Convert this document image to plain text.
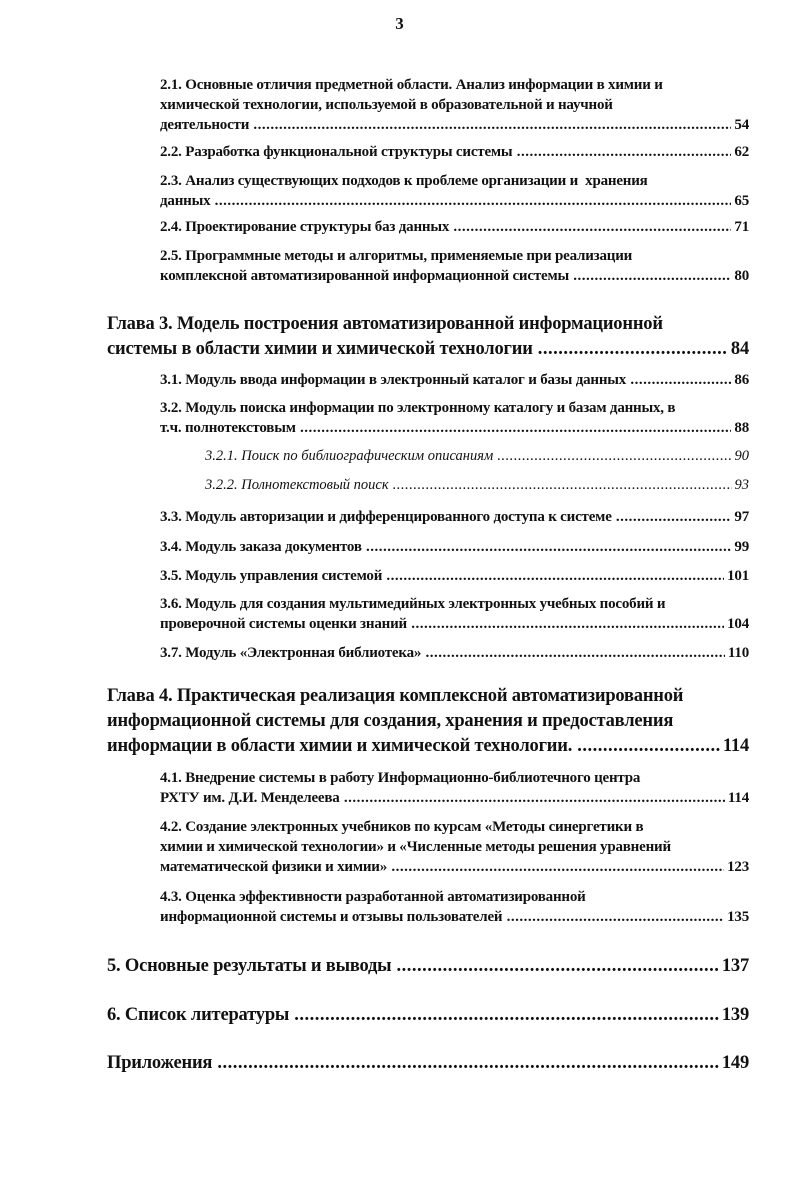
3
2.1. Основные отличия предметной области. Анализ информации в химии и
химической технологии, используемой в образовательной и научной
деятельности .....	54
2.2. Разработка функциональной структуры системы .....	62
2.3. Анализ существующих подходов к проблеме организации и  хранения
данных .....	65
2.4. Проектирование структуры баз данных .....	71
2.5. Программные методы и алгоритмы, применяемые при реализации
комплексной автоматизированной информационной системы .....	80
Глава 3. Модель построения автоматизированной информационной
системы в области химии и химической технологии .....	84
3.1. Модуль ввода информации в электронный каталог и базы данных .....	86
3.2. Модуль поиска информации по электронному каталогу и базам данных, в
т.ч. полнотекстовым .....	88
3.2.1. Поиск по библиографическим описаниям .....	90
3.2.2. Полнотекстовый поиск .....	93
3.3. Модуль авторизации и дифференцированного доступа к системе .....	97
3.4. Модуль заказа документов .....	99
3.5. Модуль управления системой .....	101
3.6. Модуль для создания мультимедийных электронных учебных пособий и
проверочной системы оценки знаний .....	104
3.7. Модуль «Электронная библиотека» .....	110
Глава 4. Практическая реализация комплексной автоматизированной
информационной системы для создания, хранения и предоставления
информации в области химии и химической технологии. .....	114
4.1. Внедрение системы в работу Информационно-библиотечного центра
РХТУ им. Д.И. Менделеева .....	114
4.2. Создание электронных учебников по курсам «Методы синергетики в
химии и химической технологии» и «Численные методы решения уравнений
математической физики и химии» .....	123
4.3. Оценка эффективности разработанной автоматизированной
информационной системы и отзывы пользователей .....	135
5. Основные результаты и выводы .....	137
6. Список литературы .....	139
Приложения .....	149
